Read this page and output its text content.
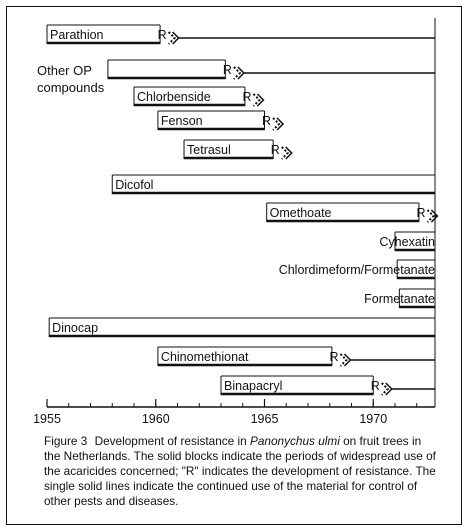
Parathion	R
Other OP
compounds
R
Chlorbenside	R
Fenson	R
Tetrasul	R
Dicofol
Omethoate	R
Cyhexatin
Chlordimeform/Formetanate
Formetanate
Dinocap
Chinomethionat	R
Binapacryl	R
1955	1960	1965	1970
Figure 3 Development of resistance in Panonychus ulmi on fruit trees in the Netherlands. The solid blocks indicate the periods of widespread use of the acaricides concerned; "R" indicates the development of resistance. The single solid lines indicate the continued use of the material for control of other pests and diseases.
